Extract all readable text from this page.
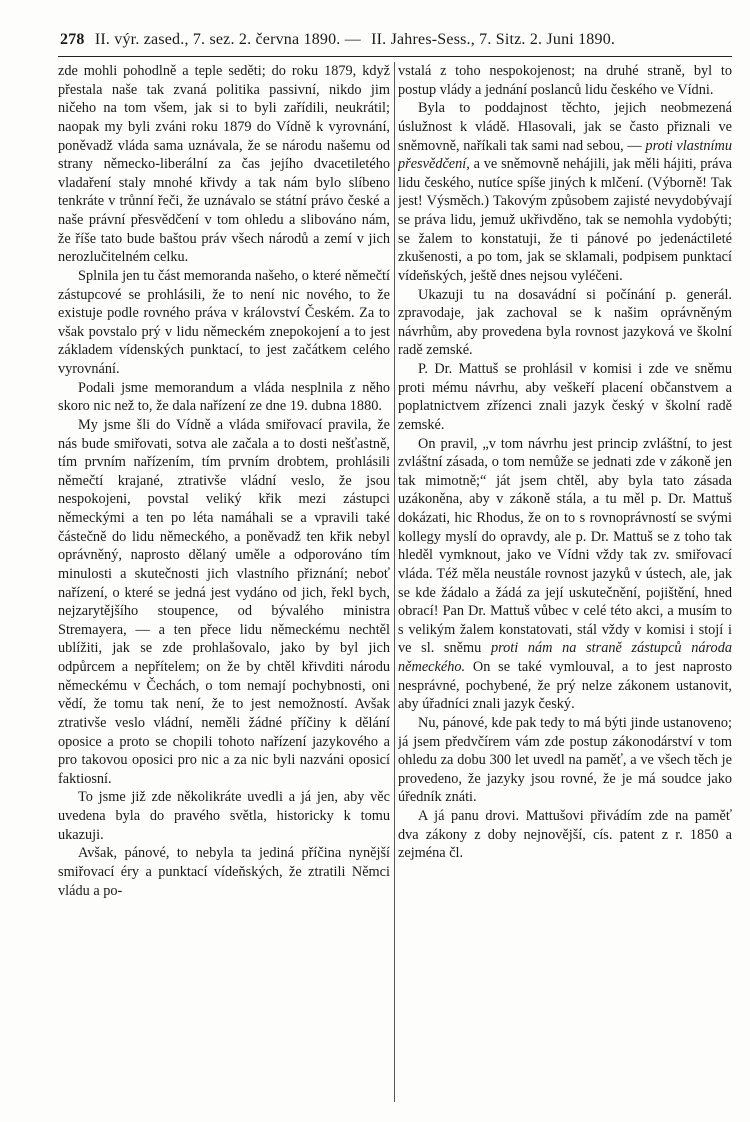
278 II. výr. zased., 7. sez. 2. června 1890. — II. Jahres-Sess., 7. Sitz. 2. Juni 1890.

zde mohli pohodlně a teple seděti; do roku 1879, když přestala naše tak zvaná politika passivní, nikdo jim ničeho na tom všem, jak si to byli zařídili, neukrátil; naopak my byli zváni roku 1879 do Vídně k vyrovnání, poněvadž vláda sama uznávala, že se národu našemu od strany německo-liberální za čas jejího dvacetiletého vladaření staly mnohé křivdy a tak nám bylo slíbeno tenkráte v trůnní řeči, že uznávalo se státní právo české a naše právní přesvědčení v tom ohledu a slibováno nám, že říše tato bude baštou práv všech národů a zemí v jich nerozlučitelném celku.

Splnila jen tu část memoranda našeho, o které němečtí zástupcové se prohlásili, že to není nic nového, to že existuje podle rovného práva v království Českém. Za to však povstalo prý v lidu německém znepokojení a to jest základem vídenských punktací, to jest začátkem celého vyrovnání.

Podali jsme memorandum a vláda nesplnila z něho skoro nic než to, že dala nařízení ze dne 19. dubna 1880.

My jsme šli do Vídně a vláda smiřovací pravila, že nás bude smiřovati, sotva ale začala a to dosti nešťastně, tím prvním nařízením, tím prvním drobtem, prohlásili němečtí krajané, ztrativše vládní veslo, že jsou nespokojeni, povstal veliký křik mezi zástupci německými a ten po léta namáhali se a vpravili také částečně do lidu německého, a poněvadž ten křik nebyl oprávněný, naprosto dělaný uměle a odporováno tím minulosti a skutečnosti jich vlastního přiznání; neboť nařízení, o které se jedná jest vydáno od jich, řekl bych, nejzarytějšího stoupence, od bývalého ministra Stremayera, — a ten přece lidu německému nechtěl ublížiti, jak se zde prohlašovalo, jako by byl jich odpůrcem a nepřítelem; on že by chtěl křivditi národu německému v Čechách, o tom nemají pochybnosti, oni vědí, že tomu tak není, že to jest nemožností. Avšak ztrativše veslo vládní, neměli žádné příčiny k dělání oposice a proto se chopili tohoto nařízení jazykového a pro takovou oposici pro nic a za nic byli nazváni oposicí faktiosní.

To jsme již zde několikráte uvedli a já jen, aby věc uvedena byla do pravého světla, historicky k tomu ukazuji.

Avšak, pánové, to nebyla ta jediná příčina nynější smiřovací éry a punktací vídeňských, že ztratili Němci vládu a po-

vstalá z toho nespokojenost; na druhé straně, byl to postup vlády a jednání poslanců lidu českého ve Vídni.

Byla to poddajnost těchto, jejich neobmezená úslužnost k vládě. Hlasovali, jak se často přiznali ve sněmovně, naříkali tak sami nad sebou, — proti vlastnímu přesvědčení, a ve sněmovně nehájili, jak měli hájiti, práva lidu českého, nutíce spíše jiných k mlčení. (Výborně! Tak jest! Výsměch.) Takovým způsobem zajisté nevydobývají se práva lidu, jemuž ukřivděno, tak se nemohla vydobýti; se žalem to konstatuji, že ti pánové po jedenáctileté zkušenosti, a po tom, jak se sklamali, podpisem punktací vídeňských, ještě dnes nejsou vyléčeni.

Ukazuji tu na dosavádní si počínání p. generál. zpravodaje, jak zachoval se k našim oprávněným návrhům, aby provedena byla rovnost jazyková ve školní radě zemské.

P. Dr. Mattuš se prohlásil v komisi i zde ve sněmu proti mému návrhu, aby veškeří placení občanstvem a poplatnictvem zřízenci znali jazyk český v školní radě zemské.

On pravil, „v tom návrhu jest princip zvláštní, to jest zvláštní zásada, o tom nemůže se jednati zde v zákoně jen tak mimotně;“ ját jsem chtěl, aby byla tato zásada uzákoněna, aby v zákoně stála, a tu měl p. Dr. Mattuš dokázati, hic Rhodus, že on to s rovnoprávností se svými kollegy myslí do opravdy, ale p. Dr. Mattuš se z toho tak hleděl vymknout, jako ve Vídni vždy tak zv. smiřovací vláda. Též měla neustále rovnost jazyků v ústech, ale, jak se kde žádalo a žádá za její uskutečnění, pojištění, hned obrací! Pan Dr. Mattuš vůbec v celé této akci, a musím to s velikým žalem konstatovati, stál vždy v komisi i stojí i ve sl. sněmu proti nám na straně zástupců národa německého. On se také vymlouval, a to jest naprosto nesprávné, pochybené, že prý nelze zákonem ustanovit, aby úřadníci znali jazyk český.

Nu, pánové, kde pak tedy to má býti jinde ustanoveno; já jsem předvčírem vám zde postup zákonodárství v tom ohledu za dobu 300 let uvedl na paměť, a ve všech těch je provedeno, že jazyky jsou rovné, že je má soudce jako úředník znáti.

A já panu drovi. Mattušovi přivádím zde na paměť dva zákony z doby nejnovější, cís. patent z r. 1850 a zejména čl.
